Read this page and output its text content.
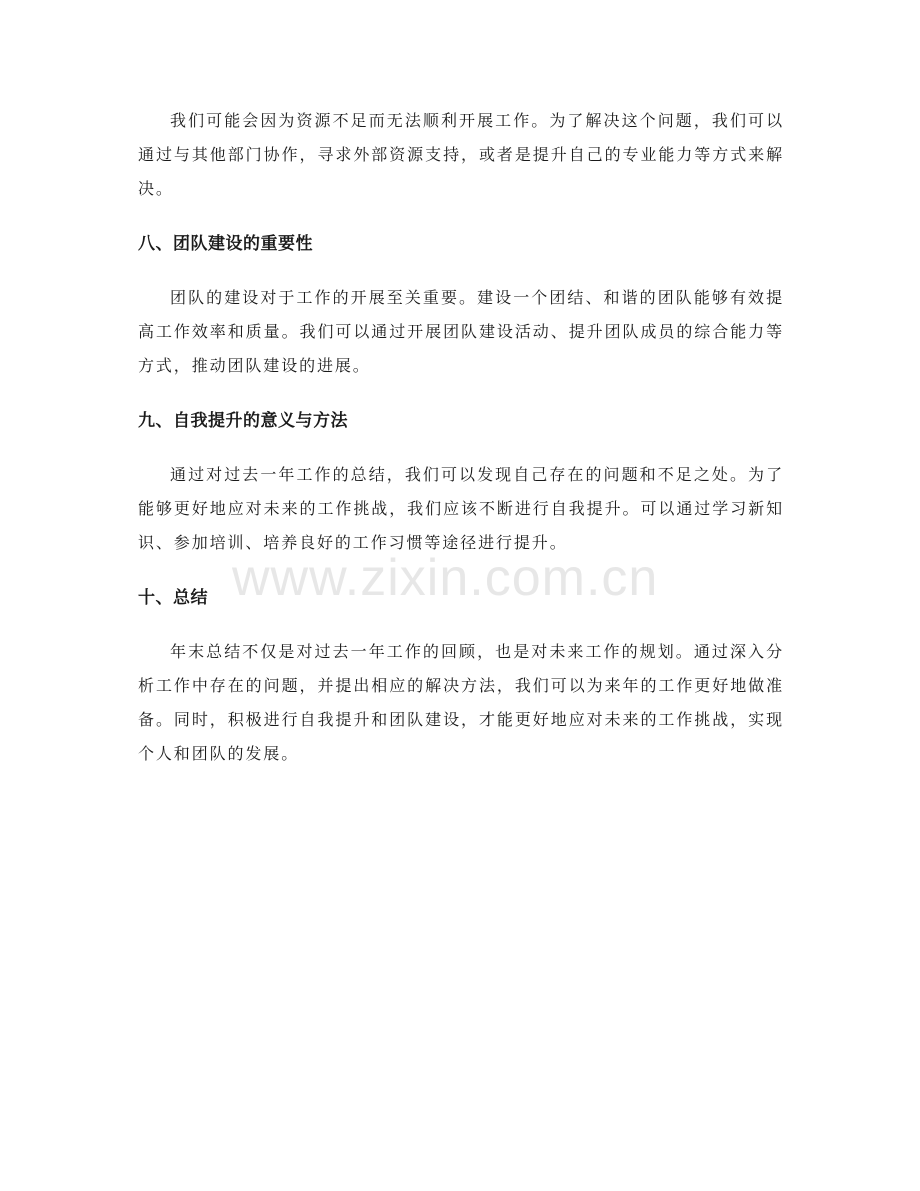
我们可能会因为资源不足而无法顺利开展工作。为了解决这个问题，我们可以通过与其他部门协作，寻求外部资源支持，或者是提升自己的专业能力等方式来解决。

八、团队建设的重要性

团队的建设对于工作的开展至关重要。建设一个团结、和谐的团队能够有效提高工作效率和质量。我们可以通过开展团队建设活动、提升团队成员的综合能力等方式，推动团队建设的进展。

九、自我提升的意义与方法

通过对过去一年工作的总结，我们可以发现自己存在的问题和不足之处。为了能够更好地应对未来的工作挑战，我们应该不断进行自我提升。可以通过学习新知识、参加培训、培养良好的工作习惯等途径进行提升。

十、总结

年末总结不仅是对过去一年工作的回顾，也是对未来工作的规划。通过深入分析工作中存在的问题，并提出相应的解决方法，我们可以为来年的工作更好地做准备。同时，积极进行自我提升和团队建设，才能更好地应对未来的工作挑战，实现个人和团队的发展。

www.zixin.com.cn
